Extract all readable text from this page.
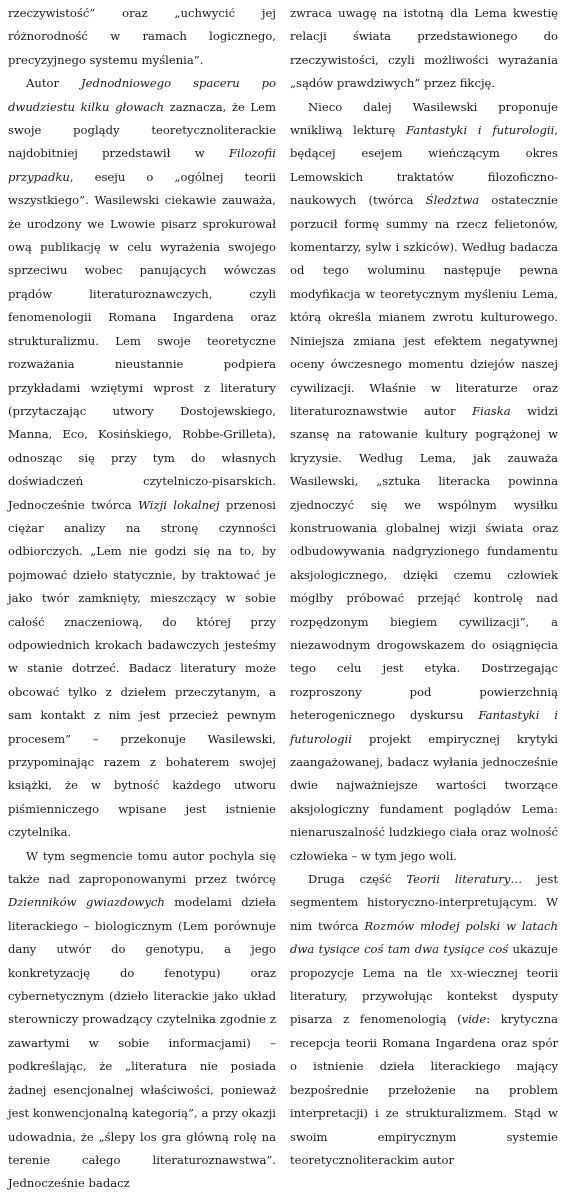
rzeczywistość” oraz „uchwycić jej różnorodność w ramach logicznego, precyzyjnego systemu myślenia”.

Autor Jednodniowego spaceru po dwudziestu kilku głowach zaznacza, że Lem swoje poglądy teoretycznoliterackie najdobitniej przedstawił w Filozofii przypadku, eseju o „ogólnej teorii wszystkiego”. Wasilewski ciekawie zauważa, że urodzony we Lwowie pisarz sprokurował ową publikację w celu wyrażenia swojego sprzeciwu wobec panujących wówczas prądów literaturoznawczych, czyli fenomenologii Romana Ingardena oraz strukturalizmu. Lem swoje teoretyczne rozważania nieustannie podpiera przykładami wziętymi wprost z literatury (przytaczając utwory Dostojewskiego, Manna, Eco, Kosińskiego, Robbe-Grilleta), odnosząc się przy tym do własnych doświadczeń czytelniczo-pisarskich. Jednocześnie twórca Wizji lokalnej przenosi ciężar analizy na stronę czynności odbiorczych. „Lem nie godzi się na to, by pojmować dzieło statycznie, by traktować je jako twór zamknięty, mieszczący w sobie całość znaczeniową, do której przy odpowiednich krokach badawczych jesteśmy w stanie dotrzeć. Badacz literatury może obcować tylko z dziełem przeczytanym, a sam kontakt z nim jest przecież pewnym procesem” – przekonuje Wasilewski, przypominając razem z bohaterem swojej książki, że w bytność każdego utworu piśmienniczego wpisane jest istnienie czytelnika.

W tym segmencie tomu autor pochyla się także nad zaproponowanymi przez twórcę Dzienników gwiazdowych modelami dzieła literackiego – biologicznym (Lem porównuje dany utwór do genotypu, a jego konkretyzację do fenotypu) oraz cybernetycznym (dzieło literackie jako układ sterowniczy prowadzący czytelnika zgodnie z zawartymi w sobie informacjami) – podkreślając, że „literatura nie posiada żadnej esencjonalnej właściwości, ponieważ jest konwencjonalną kategorią”, a przy okazji udowadnia, że „ślepy los gra główną rolę na terenie całego literaturoznawstwa”. Jednocześnie badacz

zwraca uwagę na istotną dla Lema kwestię relacji świata przedstawionego do rzeczywistości, czyli możliwości wyrażania „sądów prawdziwych” przez fikcję.

Nieco dalej Wasilewski proponuje wnikliwą lekturę Fantastyki i futurologii, będącej esejem wieńczącym okres Lemowskich traktatów filozoficzno-naukowych (twórca Śledztwa ostatecznie porzucił formę summy na rzecz felietonów, komentarzy, sylw i szkiców). Według badacza od tego woluminu następuje pewna modyfikacja w teoretycznym myśleniu Lema, którą określa mianem zwrotu kulturowego. Niniejsza zmiana jest efektem negatywnej oceny ówczesnego momentu dziejów naszej cywilizacji. Właśnie w literaturze oraz literaturoznawstwie autor Fiaska widzi szansę na ratowanie kultury pogrążonej w kryzysie. Według Lema, jak zauważa Wasilewski, „sztuka literacka powinna zjednoczyć się we wspólnym wysiłku konstruowania globalnej wizji świata oraz odbudowywania nadgryzionego fundamentu aksjologicznego, dzięki czemu człowiek mógłby próbować przejąć kontrolę nad rozpędzonym biegiem cywilizacji”, a niezawodnym drogowskazem do osiągnięcia tego celu jest etyka. Dostrzegając rozproszony pod powierzchnią heterogenicznego dyskursu Fantastyki i futurologii projekt empirycznej krytyki zaangażowanej, badacz wyłania jednocześnie dwie najważniejsze wartości tworzące aksjologiczny fundament poglądów Lema: nienaruszalność ludzkiego ciała oraz wolność człowieka – w tym jego woli.

Druga część Teorii literatury… jest segmentem historyczno-interpretującym. W nim twórca Rozmów młodej polski w latach dwa tysiące coś tam dwa tysiące coś ukazuje propozycje Lema na tle xx-wiecznej teorii literatury, przywołując kontekst dysputy pisarza z fenomenologią (vide: krytyczna recepcja teorii Romana Ingardena oraz spór o istnienie dzieła literackiego mający bezpośrednie przełożenie na problem interpretacji) i ze strukturalizmem. Stąd w swoim empirycznym systemie teoretycznoliterackim autor
